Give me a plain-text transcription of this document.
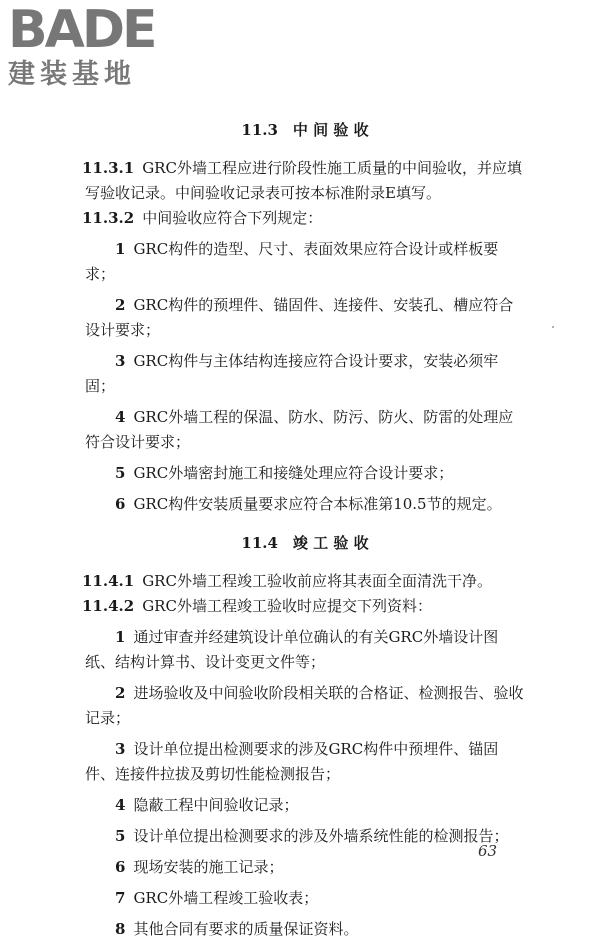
BADE
建装基地
11.3　中 间 验 收

11.3.1 GRC外墙工程应进行阶段性施工质量的中间验收，并应填写验收记录。中间验收记录表可按本标准附录E填写。

11.3.2 中间验收应符合下列规定：

1 GRC构件的造型、尺寸、表面效果应符合设计或样板要求；

2 GRC构件的预埋件、锚固件、连接件、安装孔、槽应符合设计要求；

3 GRC构件与主体结构连接应符合设计要求，安装必须牢固；

4 GRC外墙工程的保温、防水、防污、防火、防雷的处理应符合设计要求；

5 GRC外墙密封施工和接缝处理应符合设计要求；

6 GRC构件安装质量要求应符合本标准第10.5节的规定。

11.4　竣 工 验 收

11.4.1 GRC外墙工程竣工验收前应将其表面全面清洗干净。

11.4.2 GRC外墙工程竣工验收时应提交下列资料：

1 通过审查并经建筑设计单位确认的有关GRC外墙设计图纸、结构计算书、设计变更文件等；

2 进场验收及中间验收阶段相关联的合格证、检测报告、验收记录；

3 设计单位提出检测要求的涉及GRC构件中预埋件、锚固件、连接件拉拔及剪切性能检测报告；

4 隐蔽工程中间验收记录；

5 设计单位提出检测要求的涉及外墙系统性能的检测报告；

6 现场安装的施工记录；

7 GRC外墙工程竣工验收表；

8 其他合同有要求的质量保证资料。

63
